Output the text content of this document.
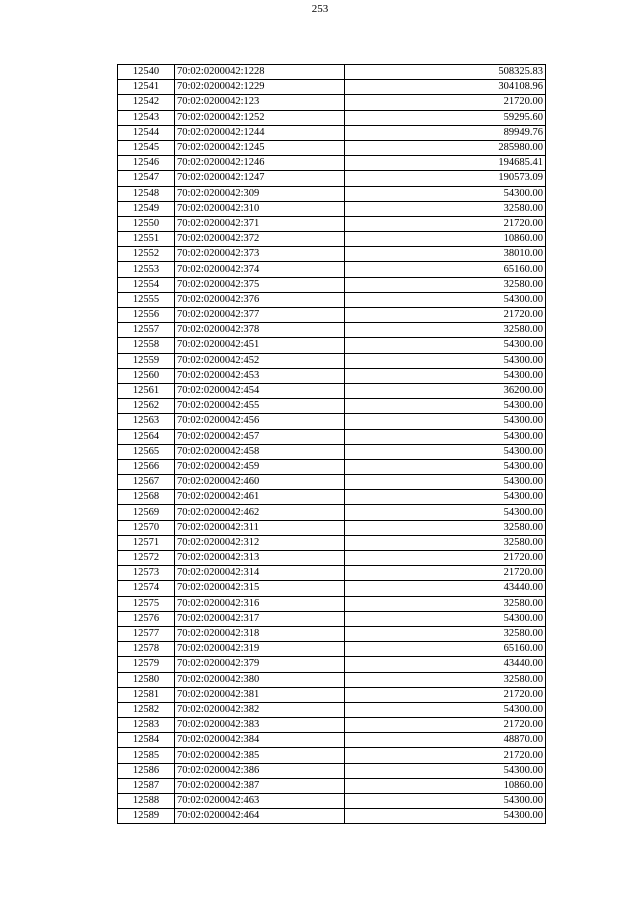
253
12540	70:02:0200042:1228	508325.83
12541	70:02:0200042:1229	304108.96
12542	70:02:0200042:123	21720.00
12543	70:02:0200042:1252	59295.60
12544	70:02:0200042:1244	89949.76
12545	70:02:0200042:1245	285980.00
12546	70:02:0200042:1246	194685.41
12547	70:02:0200042:1247	190573.09
12548	70:02:0200042:309	54300.00
12549	70:02:0200042:310	32580.00
12550	70:02:0200042:371	21720.00
12551	70:02:0200042:372	10860.00
12552	70:02:0200042:373	38010.00
12553	70:02:0200042:374	65160.00
12554	70:02:0200042:375	32580.00
12555	70:02:0200042:376	54300.00
12556	70:02:0200042:377	21720.00
12557	70:02:0200042:378	32580.00
12558	70:02:0200042:451	54300.00
12559	70:02:0200042:452	54300.00
12560	70:02:0200042:453	54300.00
12561	70:02:0200042:454	36200.00
12562	70:02:0200042:455	54300.00
12563	70:02:0200042:456	54300.00
12564	70:02:0200042:457	54300.00
12565	70:02:0200042:458	54300.00
12566	70:02:0200042:459	54300.00
12567	70:02:0200042:460	54300.00
12568	70:02:0200042:461	54300.00
12569	70:02:0200042:462	54300.00
12570	70:02:0200042:311	32580.00
12571	70:02:0200042:312	32580.00
12572	70:02:0200042:313	21720.00
12573	70:02:0200042:314	21720.00
12574	70:02:0200042:315	43440.00
12575	70:02:0200042:316	32580.00
12576	70:02:0200042:317	54300.00
12577	70:02:0200042:318	32580.00
12578	70:02:0200042:319	65160.00
12579	70:02:0200042:379	43440.00
12580	70:02:0200042:380	32580.00
12581	70:02:0200042:381	21720.00
12582	70:02:0200042:382	54300.00
12583	70:02:0200042:383	21720.00
12584	70:02:0200042:384	48870.00
12585	70:02:0200042:385	21720.00
12586	70:02:0200042:386	54300.00
12587	70:02:0200042:387	10860.00
12588	70:02:0200042:463	54300.00
12589	70:02:0200042:464	54300.00
